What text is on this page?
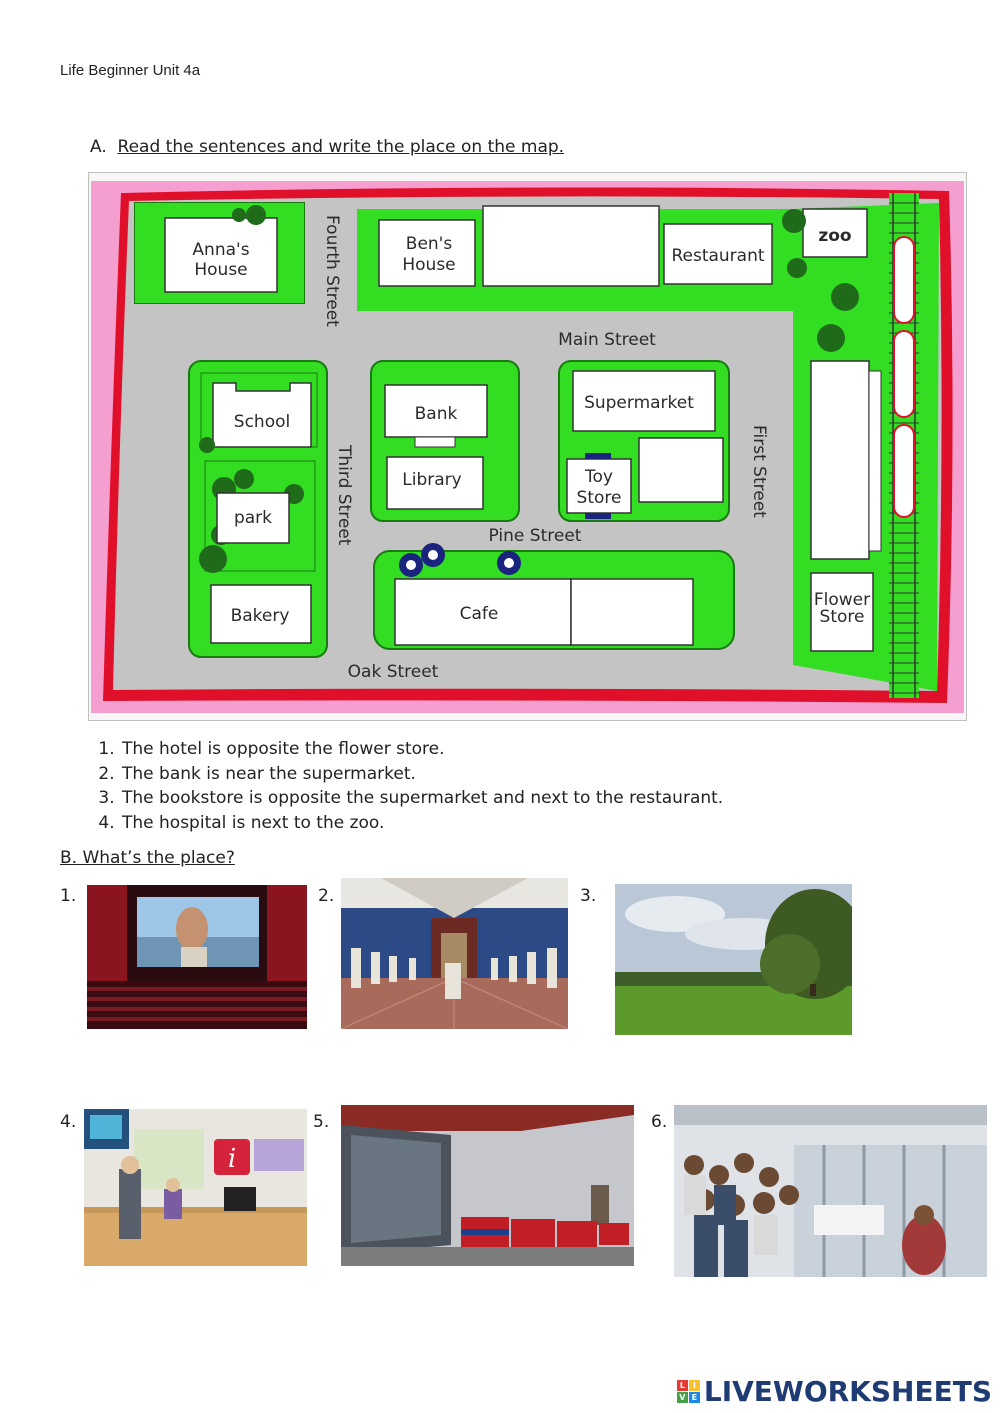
Life Beginner Unit 4a
A. Read the sentences and write the place on the map.
Anna's
House
Ben's
House	Restaurant
zoo
School
park
Bakery
Bank
Library
Supermarket
Toy
Store
Cafe
Flower
Store
Main Street
Pine Street
Oak Street
Fourth Street
Third Street	First Street
1. The hotel is opposite the flower store.
2. The bank is near the supermarket.
3. The bookstore is opposite the supermarket and next to the restaurant.
4. The hospital is next to the zoo.
B. What’s the place?
1.	2.	3.
4.	5.	6.
i
L I
V E LIVEWORKSHEETS
